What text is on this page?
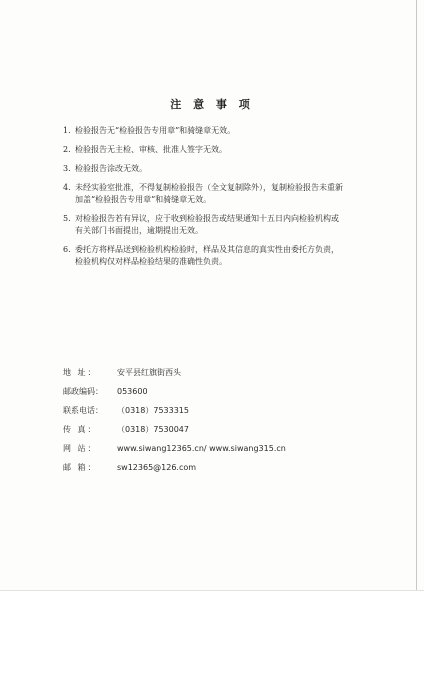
注 意 事 项
1. 检验报告无“检验报告专用章”和骑缝章无效。
2. 检验报告无主检、审核、批准人签字无效。
3. 检验报告涂改无效。
4. 未经实验室批准，不得复制检验报告（全文复制除外），复制检验报告未重新
加盖“检验报告专用章”和骑缝章无效。
5. 对检验报告若有异议，应于收到检验报告或结果通知十五日内向检验机构或
有关部门书面提出，逾期提出无效。
6. 委托方将样品送到检验机构检验时，样品及其信息的真实性由委托方负责，
检验机构仅对样品检验结果的准确性负责。
地 址：	安平县红旗街西头
邮政编码：	053600
联系电话：	（0318）7533315
传 真：	（0318）7530047
网 站：	www.siwang12365.cn/ www.siwang315.cn
邮 箱：	sw12365@126.com
